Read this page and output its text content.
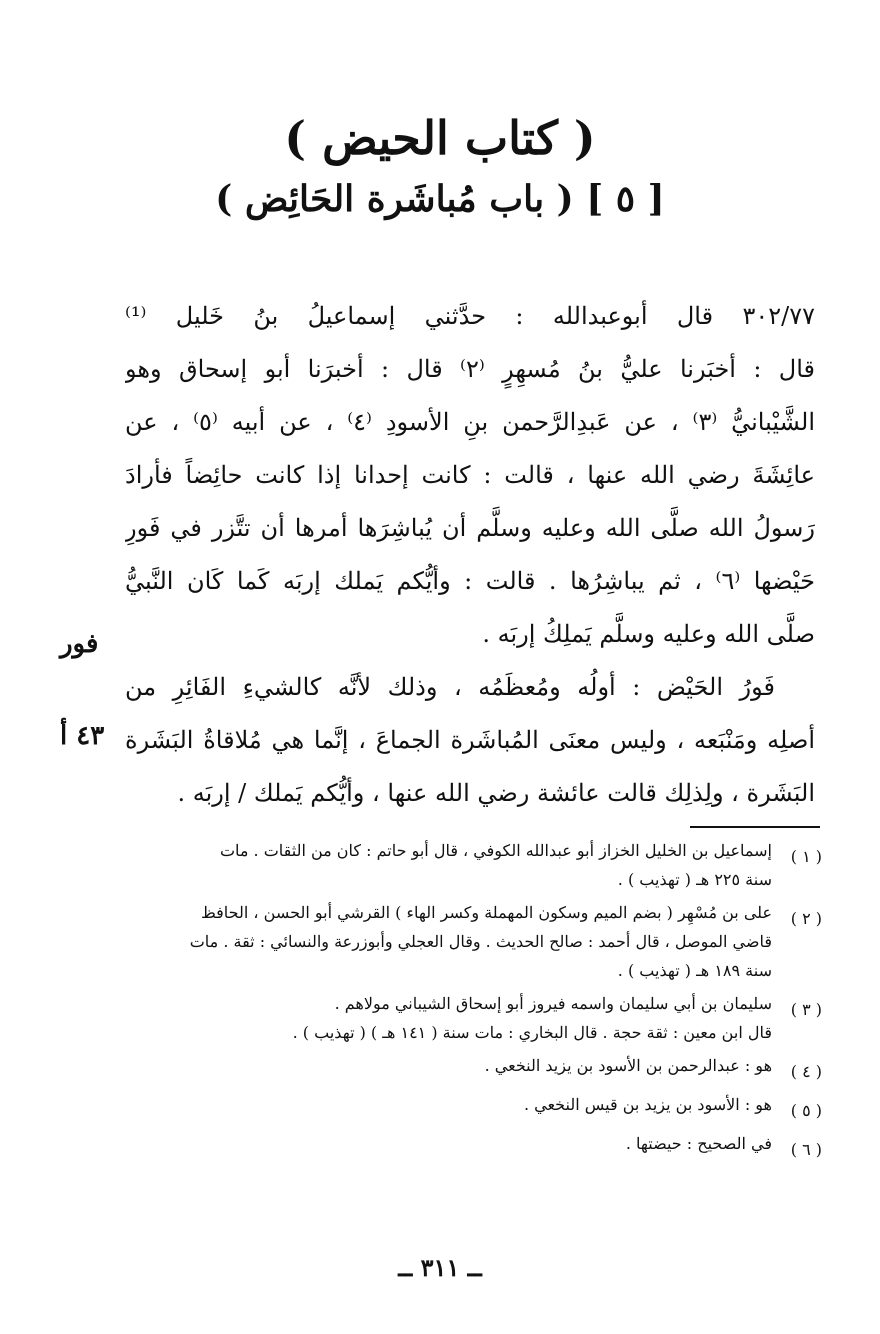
( كتاب الحيض )
[ ٥ ] ( باب مُباشَرة الحَائِض )
٣٠٢/٧٧ قال أبوعبدالله : حدَّثني إسماعيلُ بنُ خَليل ⁽¹⁾
قال : أخبَرنا عليُّ بنُ مُسهِرٍ ⁽٢⁾ قال : أخبرَنا أبو إسحاق وهو
الشَّيْبانيُّ ⁽٣⁾ ، عن عَبدِالرَّحمن بنِ الأسودِ ⁽٤⁾ ، عن أبيه ⁽٥⁾ ، عن
عائِشَةَ رضي الله عنها ، قالت : كانت إحدانا إذا كانت حائِضاً فأرادَ
رَسولُ الله صلَّى الله وعليه وسلَّم أن يُباشِرَها أمرها أن تتَّزر في فَورِ
حَيْضها ⁽٦⁾ ، ثم يباشِرُها . قالت : وأيُّكم يَملك إربَه كَما كَان النَّبيُّ
صلَّى الله وعليه وسلَّم يَملِكُ إربَه .
فَورُ الحَيْض : أولُه ومُعظَمُه ، وذلك لأنَّه كالشيءِ الفَائِرِ من
أصلِه ومَنْبَعه ، وليس معنَى المُباشَرة الجماعَ ، إنَّما هي مُلاقاةُ البَشَرة
البَشَرة ، ولِذلِك قالت عائشة رضي الله عنها ، وأيُّكم يَملك / إربَه .
فور
٤٣ أ
( ١ )
إسماعيل بن الخليل الخزاز أبو عبدالله الكوفي ، قال أبو حاتم : كان من الثقات . مات
سنة ٢٢٥ هـ ( تهذيب ) .
( ٢ )
على بن مُسْهِر ( بضم الميم وسكون المهملة وكسر الهاء ) القرشي أبو الحسن ، الحافظ
قاضي الموصل ، قال أحمد : صالح الحديث . وقال العجلي وأبوزرعة والنسائي : ثقة . مات
سنة ١٨٩ هـ ( تهذيب ) .
( ٣ )
سليمان بن أبي سليمان واسمه فيروز أبو إسحاق الشيباني مولاهم .
قال ابن معين : ثقة حجة . قال البخاري : مات سنة ( ١٤١ هـ ) ( تهذيب ) .
( ٤ )
هو : عبدالرحمن بن الأسود بن يزيد النخعي .
( ٥ )
هو : الأسود بن يزيد بن قيس النخعي .
( ٦ )
في الصحيح : حيضتها .
ــ ٣١١ ــ
